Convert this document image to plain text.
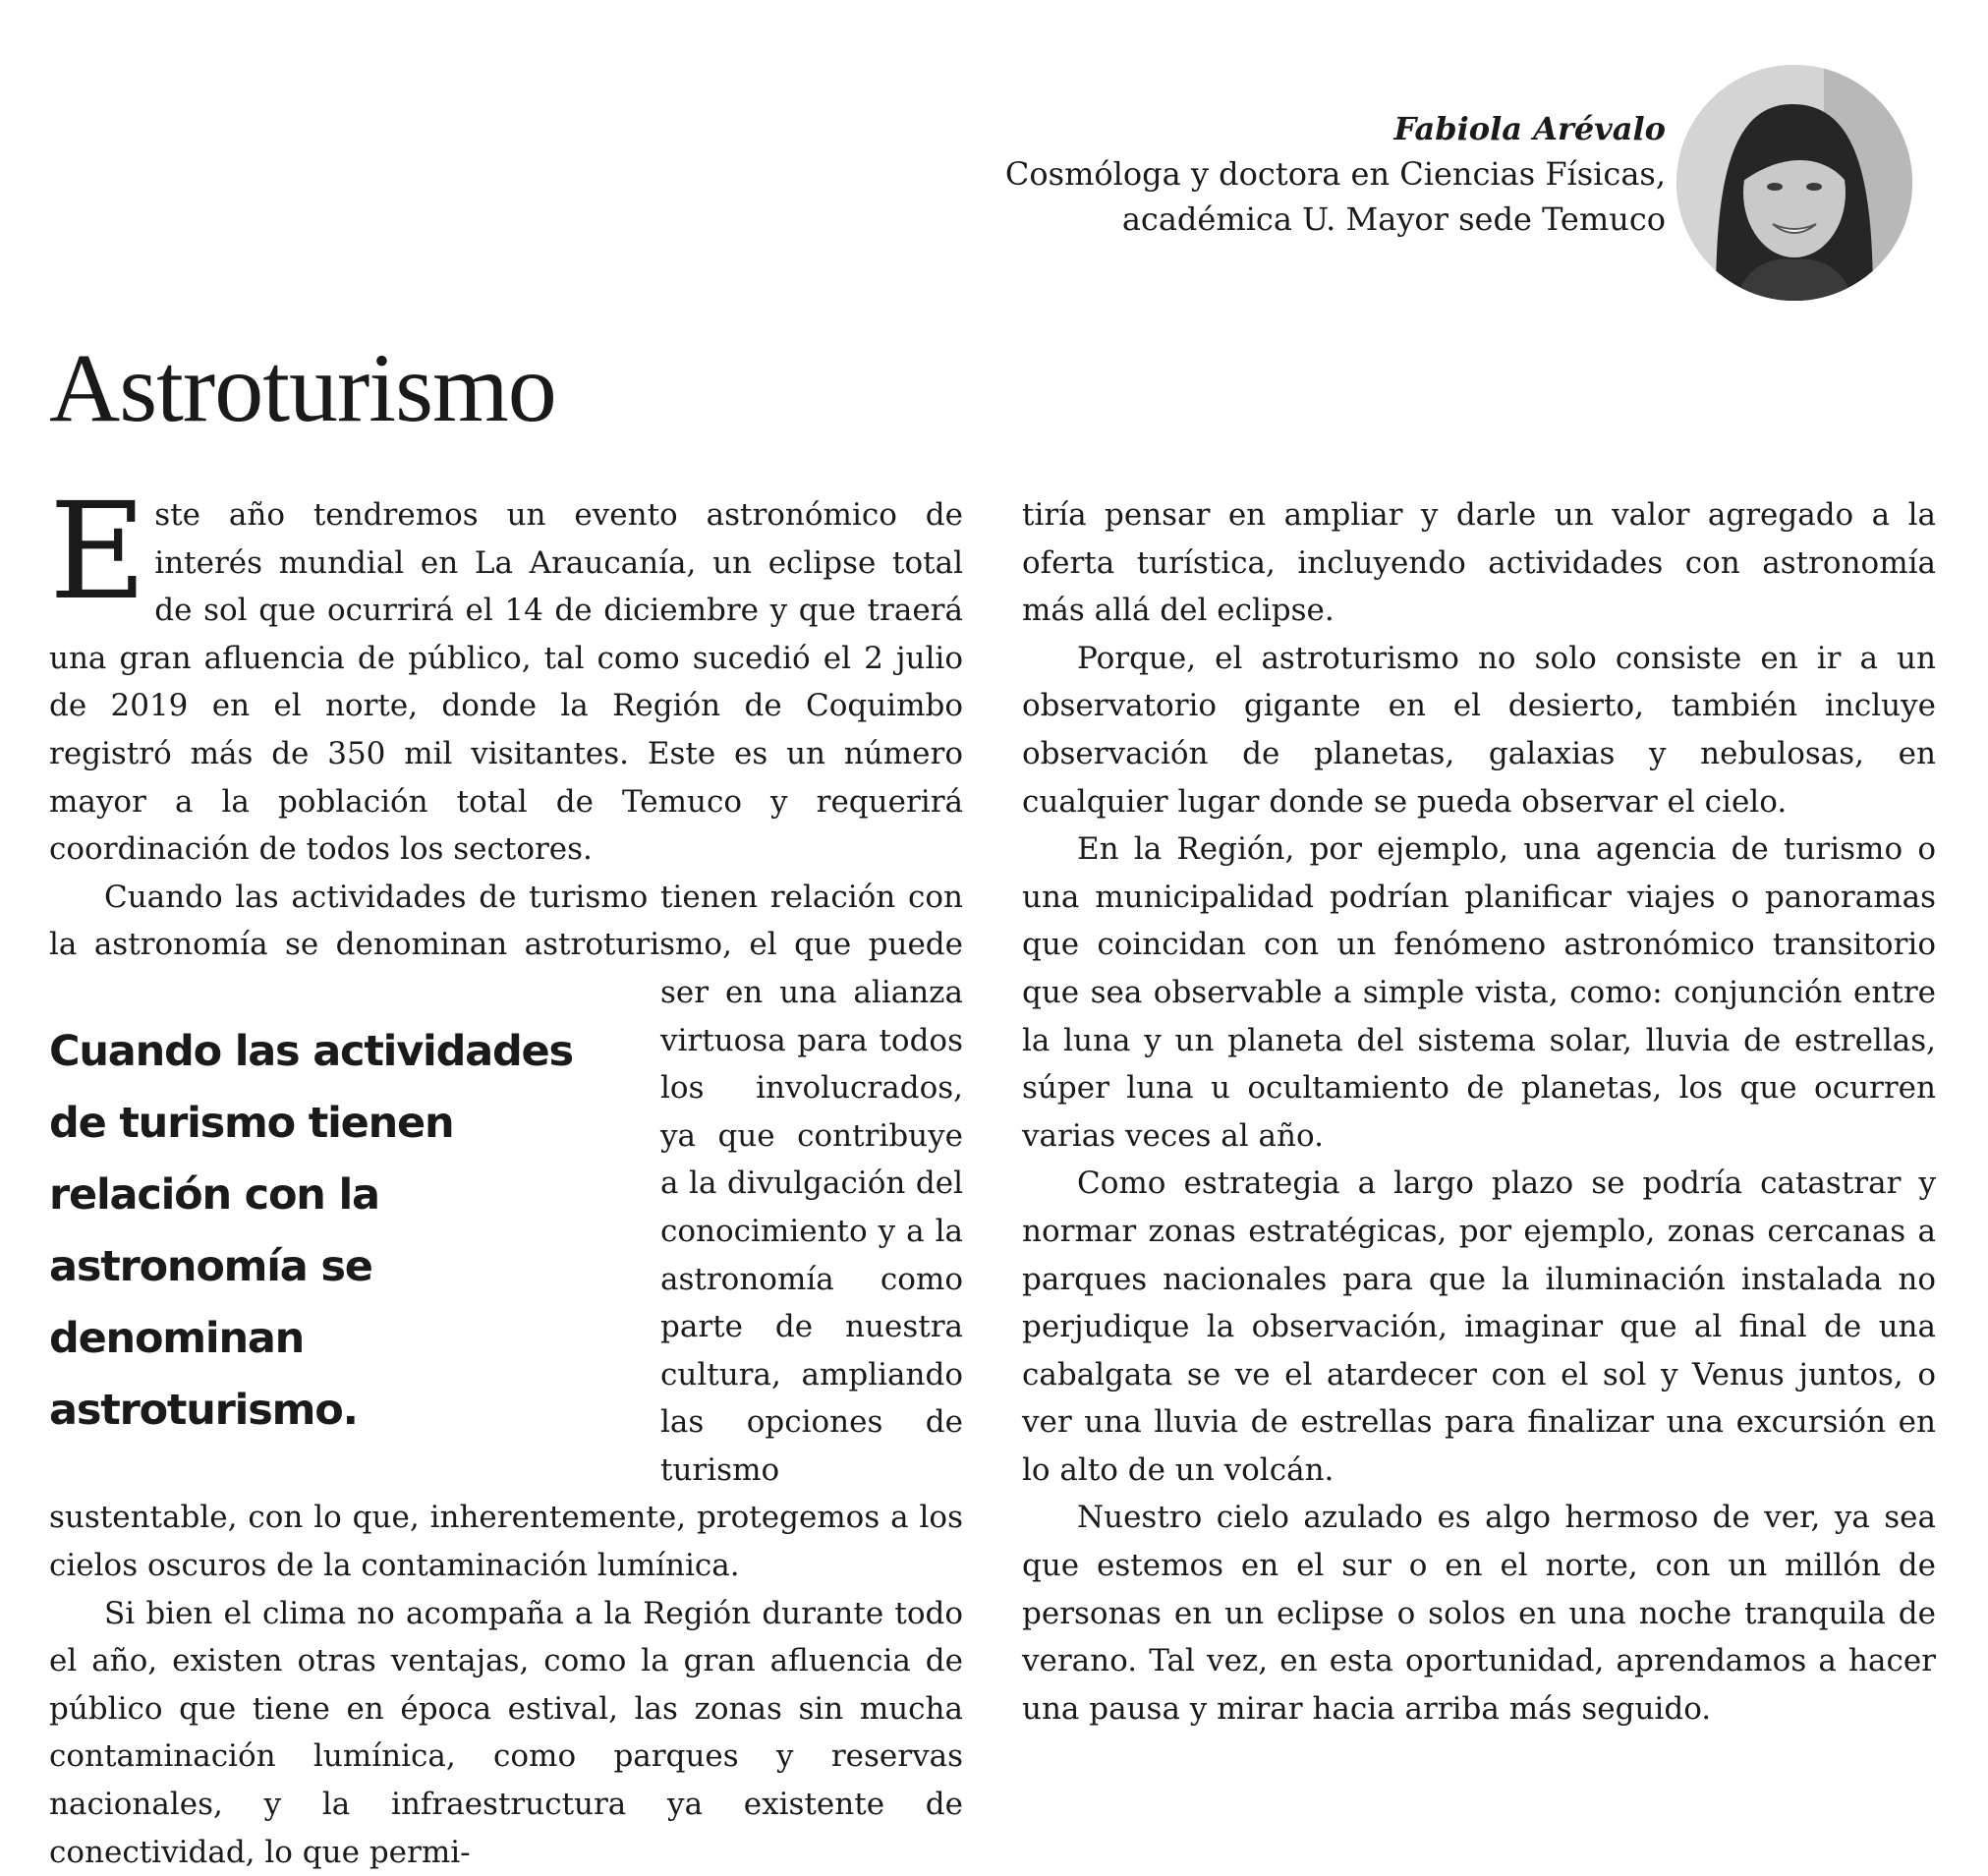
Fabiola Arévalo
Cosmóloga y doctora en Ciencias Físicas,
académica U. Mayor sede Temuco
Astroturismo

Este año tendremos un evento astronómico de interés mundial en La Araucanía, un eclipse total de sol que ocurrirá el 14 de diciembre y que traerá una gran afluencia de público, tal como sucedió el 2 julio de 2019 en el norte, donde la Región de Coquimbo registró más de 350 mil visitantes. Este es un número mayor a la población total de Temuco y requerirá coordinación de todos los sectores.

Cuando las actividades de turismo tienen relación con la astronomía se denominan astroturismo, el que puede ser en
Cuando las actividades de turismo tienen relación con la astronomía se denominan astroturismo.
una alianza virtuosa para todos los involucrados, ya que contribuye a la divulgación del conocimiento y a la astronomía como parte de nuestra cultura, ampliando las opciones de turismo sustentable, con lo que, inherentemente, protegemos a los cielos oscuros de la contaminación lumínica.

Si bien el clima no acompaña a la Región durante todo el año, existen otras ventajas, como la gran afluencia de público que tiene en época estival, las zonas sin mucha contaminación lumínica, como parques y reservas nacionales, y la infraestructura ya existente de conectividad, lo que permi-

tiría pensar en ampliar y darle un valor agregado a la oferta turística, incluyendo actividades con astronomía más allá del eclipse.

Porque, el astroturismo no solo consiste en ir a un observatorio gigante en el desierto, también incluye observación de planetas, galaxias y nebulosas, en cualquier lugar donde se pueda observar el cielo.

En la Región, por ejemplo, una agencia de turismo o una municipalidad podrían planificar viajes o panoramas que coincidan con un fenómeno astronómico transitorio que sea observable a simple vista, como: conjunción entre la luna y un planeta del sistema solar, lluvia de estrellas, súper luna u ocultamiento de planetas, los que ocurren varias veces al año.

Como estrategia a largo plazo se podría catastrar y normar zonas estratégicas, por ejemplo, zonas cercanas a parques nacionales para que la iluminación instalada no perjudique la observación, imaginar que al final de una cabalgata se ve el atardecer con el sol y Venus juntos, o ver una lluvia de estrellas para finalizar una excursión en lo alto de un volcán.

Nuestro cielo azulado es algo hermoso de ver, ya sea que estemos en el sur o en el norte, con un millón de personas en un eclipse o solos en una noche tranquila de verano. Tal vez, en esta oportunidad, aprendamos a hacer una pausa y mirar hacia arriba más seguido.
